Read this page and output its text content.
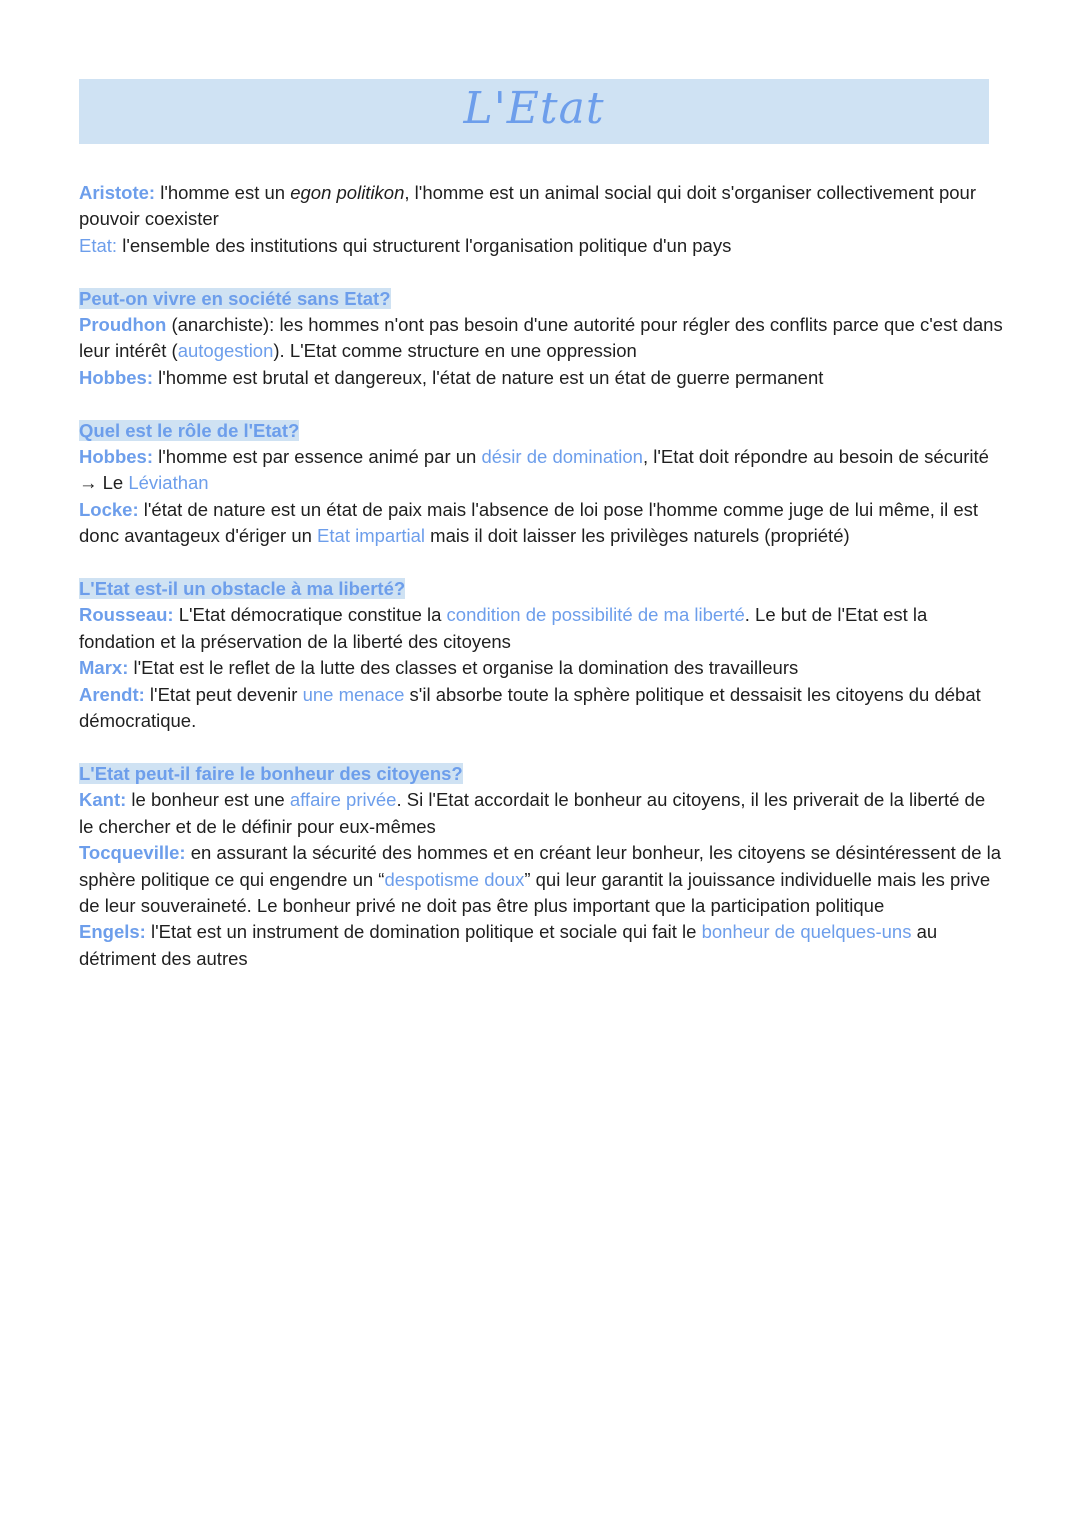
L'Etat

Aristote: l'homme est un egon politikon, l'homme est un animal social qui doit s'organiser collectivement pour pouvoir coexister

Etat: l'ensemble des institutions qui structurent l'organisation politique d'un pays

Peut-on vivre en société sans Etat?

Proudhon (anarchiste): les hommes n'ont pas besoin d'une autorité pour régler des conflits parce que c'est dans leur intérêt (autogestion). L'Etat comme structure en une oppression

Hobbes: l'homme est brutal et dangereux, l'état de nature est un état de guerre permanent

Quel est le rôle de l'Etat?

Hobbes: l'homme est par essence animé par un désir de domination, l'Etat doit répondre au besoin de sécurité → Le Léviathan

Locke: l'état de nature est un état de paix mais l'absence de loi pose l'homme comme juge de lui même, il est donc avantageux d'ériger un Etat impartial mais il doit laisser les privilèges naturels (propriété)

L'Etat est-il un obstacle à ma liberté?

Rousseau: L'Etat démocratique constitue la condition de possibilité de ma liberté. Le but de l'Etat est la fondation et la préservation de la liberté des citoyens

Marx: l'Etat est le reflet de la lutte des classes et organise la domination des travailleurs

Arendt: l'Etat peut devenir une menace s'il absorbe toute la sphère politique et dessaisit les citoyens du débat démocratique.

L'Etat peut-il faire le bonheur des citoyens?

Kant: le bonheur est une affaire privée. Si l'Etat accordait le bonheur au citoyens, il les priverait de la liberté de le chercher et de le définir pour eux-mêmes

Tocqueville: en assurant la sécurité des hommes et en créant leur bonheur, les citoyens se désintéressent de la sphère politique ce qui engendre un “despotisme doux” qui leur garantit la jouissance individuelle mais les prive de leur souveraineté. Le bonheur privé ne doit pas être plus important que la participation politique

Engels: l'Etat est un instrument de domination politique et sociale qui fait le bonheur de quelques-uns au détriment des autres
